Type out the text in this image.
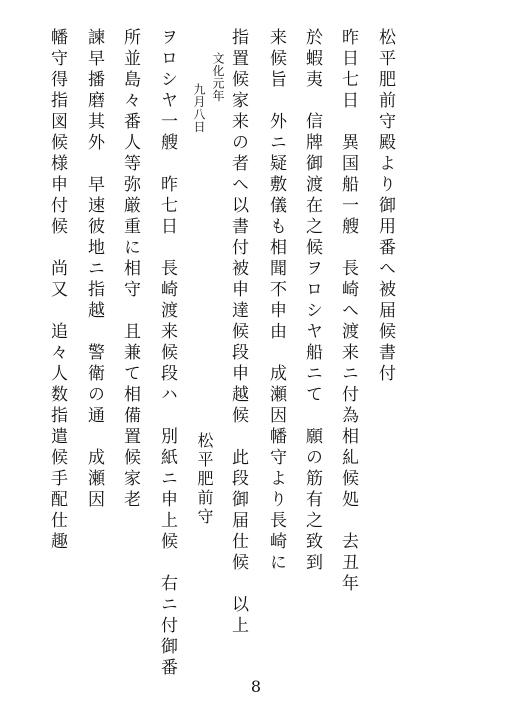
松平肥前守殿より御用番へ被届候書付
昨日七日　異国船一艘　長崎へ渡来ニ付為相糺候処　去丑年
於蝦夷　信牌御渡在之候ヲロシヤ船ニて　願の筋有之致到
来候旨　外ニ疑敷儀も相聞不申由　成瀬因幡守より長崎に
指置候家来の者へ以書付被申達候段申越候　此段御届仕候　以上
文化元年
九月八日
松平肥前守
ヲロシヤ一艘　昨七日　長崎渡来候段ハ　別紙ニ申上候　右ニ付御番
所並島々番人等弥厳重に相守　且兼て相備置候家老
諫早播磨其外　早速彼地ニ指越　警衛の通　成瀬因
幡守得指図候様申付候　尚又　追々人数指遣候手配仕趣
8
